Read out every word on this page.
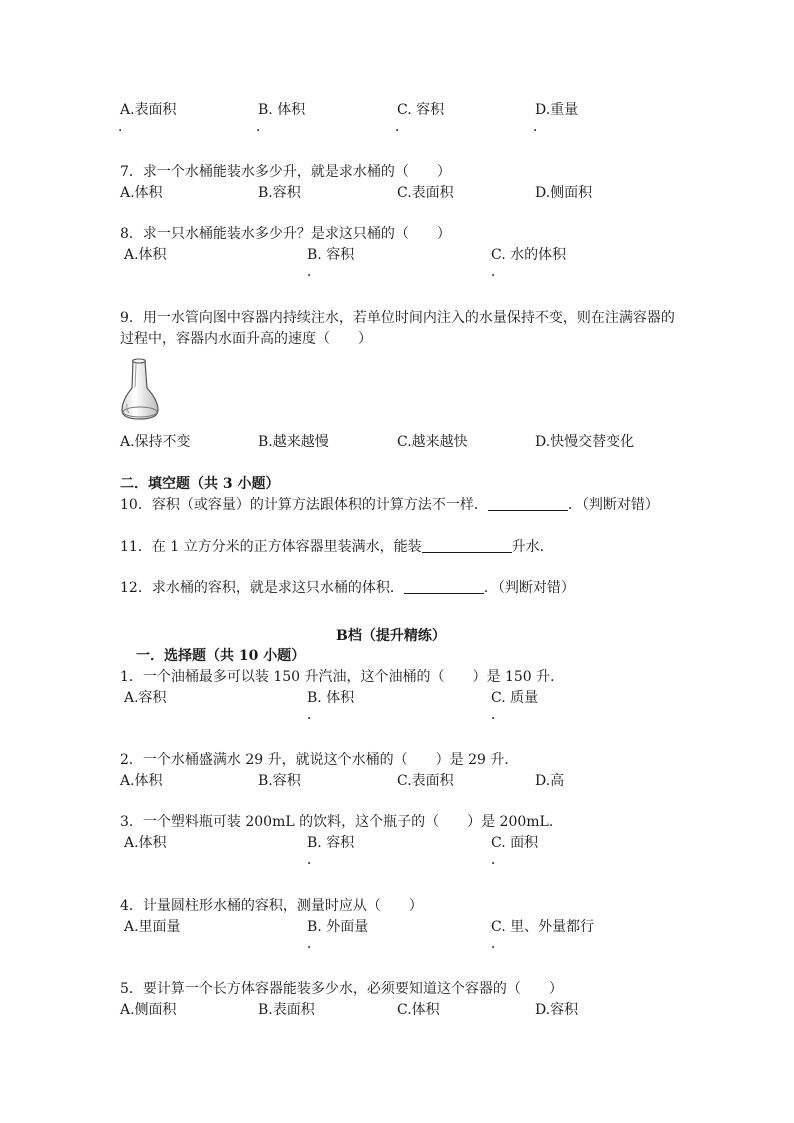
A.表面积	B. 体积	C. 容积	D.重量
．	．	．	．
7．求一个水桶能装水多少升，就是求水桶的（　　）
A.体积	B.容积	C.表面积	D.侧面积
8．求一只水桶能装水多少升？是求这只桶的（　　）
A.体积	B. 容积	C. 水的体积
．	．
9．用一水管向图中容器内持续注水，若单位时间内注入的水量保持不变，则在注满容器的
过程中，容器内水面升高的速度（　　）
A.保持不变	B.越来越慢	C.越来越快	D.快慢交替变化
二．填空题（共 3 小题）
10．容积（或容量）的计算方法跟体积的计算方法不一样．	．（判断对错）
11．在 1 立方分米的正方体容器里装满水，能装	升水．
12．求水桶的容积，就是求这只水桶的体积．	．（判断对错）
B档（提升精练）
一．选择题（共 10 小题）
1．一个油桶最多可以装 150 升汽油，这个油桶的（　　）是 150 升．
A.容积	B. 体积	C. 质量
．	．
2．一个水桶盛满水 29 升，就说这个水桶的（　　）是 29 升．
A.体积	B.容积	C.表面积	D.高
3．一个塑料瓶可装 200mL 的饮料，这个瓶子的（　　）是 200mL．
A.体积	B. 容积	C. 面积
．	．
4．计量圆柱形水桶的容积，测量时应从（　　）
A.里面量	B. 外面量	C. 里、外量都行
．	．
5．要计算一个长方体容器能装多少水，必须要知道这个容器的（　　）
A.侧面积	B.表面积	C.体积	D.容积
